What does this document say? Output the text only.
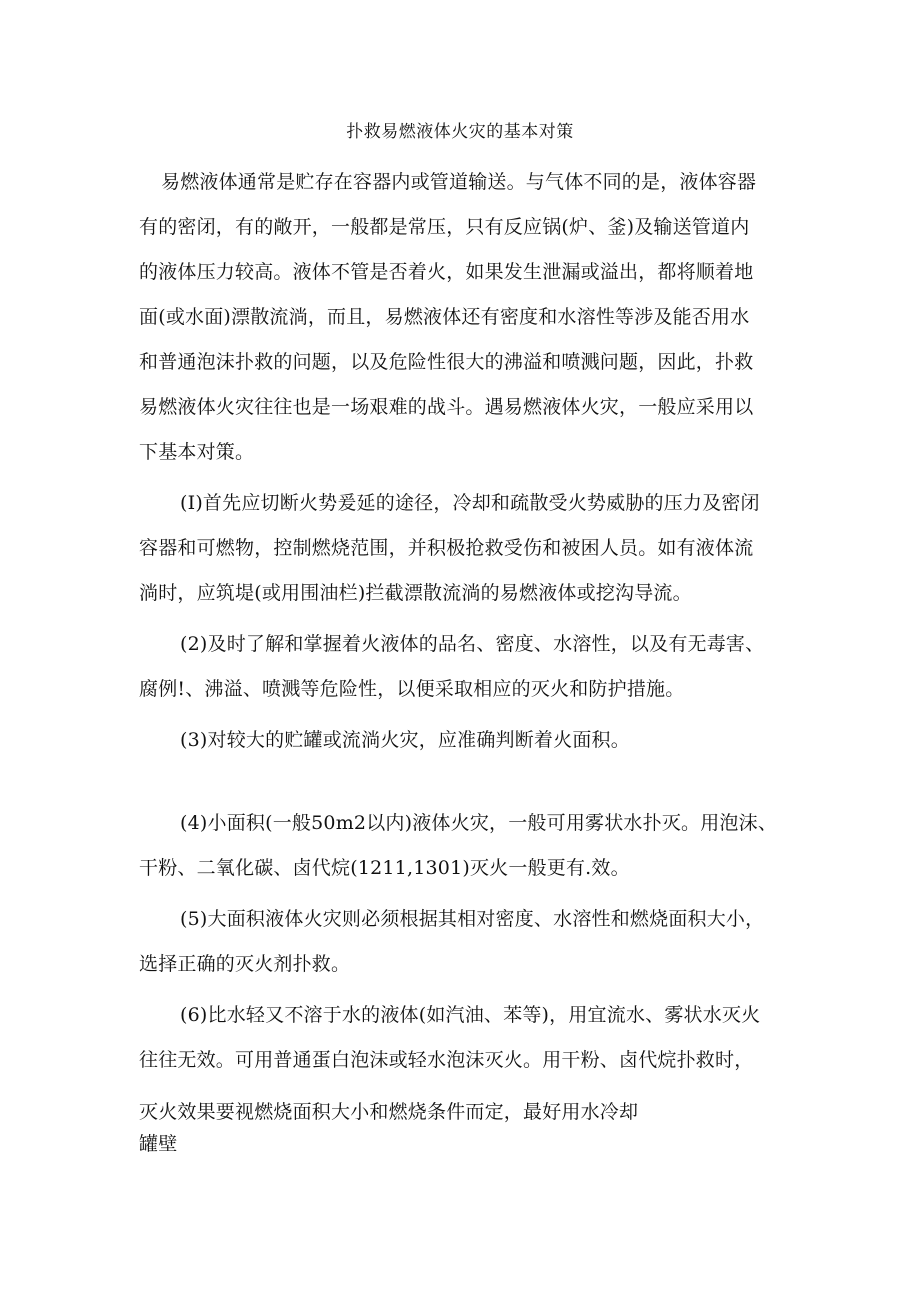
扑救易燃液体火灾的基本对策
易燃液体通常是贮存在容器内或管道输送。与气体不同的是，液体容器
有的密闭，有的敞开，一般都是常压，只有反应锅(炉、釜)及输送管道内
的液体压力较高。液体不管是否着火，如果发生泄漏或溢出，都将顺着地
面(或水面)漂散流淌，而且，易燃液体还有密度和水溶性等涉及能否用水
和普通泡沫扑救的问题，以及危险性很大的沸溢和喷溅问题，因此，扑救
易燃液体火灾往往也是一场艰难的战斗。遇易燃液体火灾，一般应采用以
下基本对策。
(I)首先应切断火势爰延的途径，冷却和疏散受火势威胁的压力及密闭
容器和可燃物，控制燃烧范围，并积极抢救受伤和被困人员。如有液体流
淌时，应筑堤(或用围油栏)拦截漂散流淌的易燃液体或挖沟导流。
(2)及时了解和掌握着火液体的品名、密度、水溶性，以及有无毒害、
腐例!、沸溢、喷溅等危险性，以便采取相应的灭火和防护措施。
(3)对较大的贮罐或流淌火灾，应准确判断着火面积。
(4)小面积(一般50m2以内)液体火灾，一般可用雾状水扑灭。用泡沫、
干粉、二氧化碳、卤代烷(1211,1301)灭火一般更有.效。
(5)大面积液体火灾则必须根据其相对密度、水溶性和燃烧面积大小，
选择正确的灭火剂扑救。
(6)比水轻又不溶于水的液体(如汽油、苯等)，用宜流水、雾状水灭火
往往无效。可用普通蛋白泡沫或轻水泡沫灭火。用干粉、卤代烷扑救时，
灭火效果要视燃烧面积大小和燃烧条件而定，最好用水冷却
罐壁
